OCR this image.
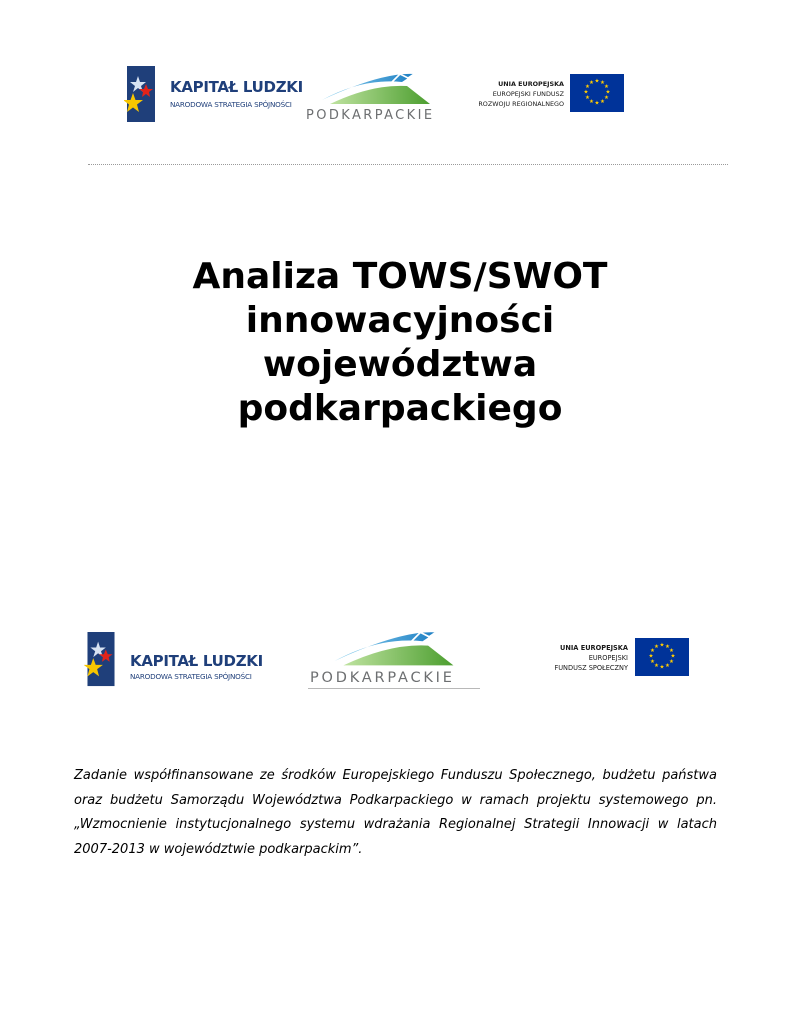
KAPITAŁ LUDZKI
NARODOWA STRATEGIA SPÓJNOŚCI
PODKARPACKIE
UNIA EUROPEJSKA
EUROPEJSKI FUNDUSZ
ROZWOJU REGIONALNEGO
★ ★
★
★
★
★
★
★
★
★
★
★
Analiza TOWS/SWOT
innowacyjności
województwa
podkarpackiego
KAPITAŁ LUDZKI
NARODOWA STRATEGIA SPÓJNOŚCI	PODKARPACKIE
UNIA EUROPEJSKA
EUROPEJSKI
FUNDUSZ SPOŁECZNY
★ ★
★
★
★
★
★
★
★
★
★
★

Zadanie współfinansowane ze środków Europejskiego Funduszu Społecznego, budżetu państwa oraz budżetu Samorządu Województwa Podkarpackiego w ramach projektu systemowego pn. „Wzmocnienie instytucjonalnego systemu wdrażania Regionalnej Strategii Innowacji w latach 2007-2013 w województwie podkarpackim”.
